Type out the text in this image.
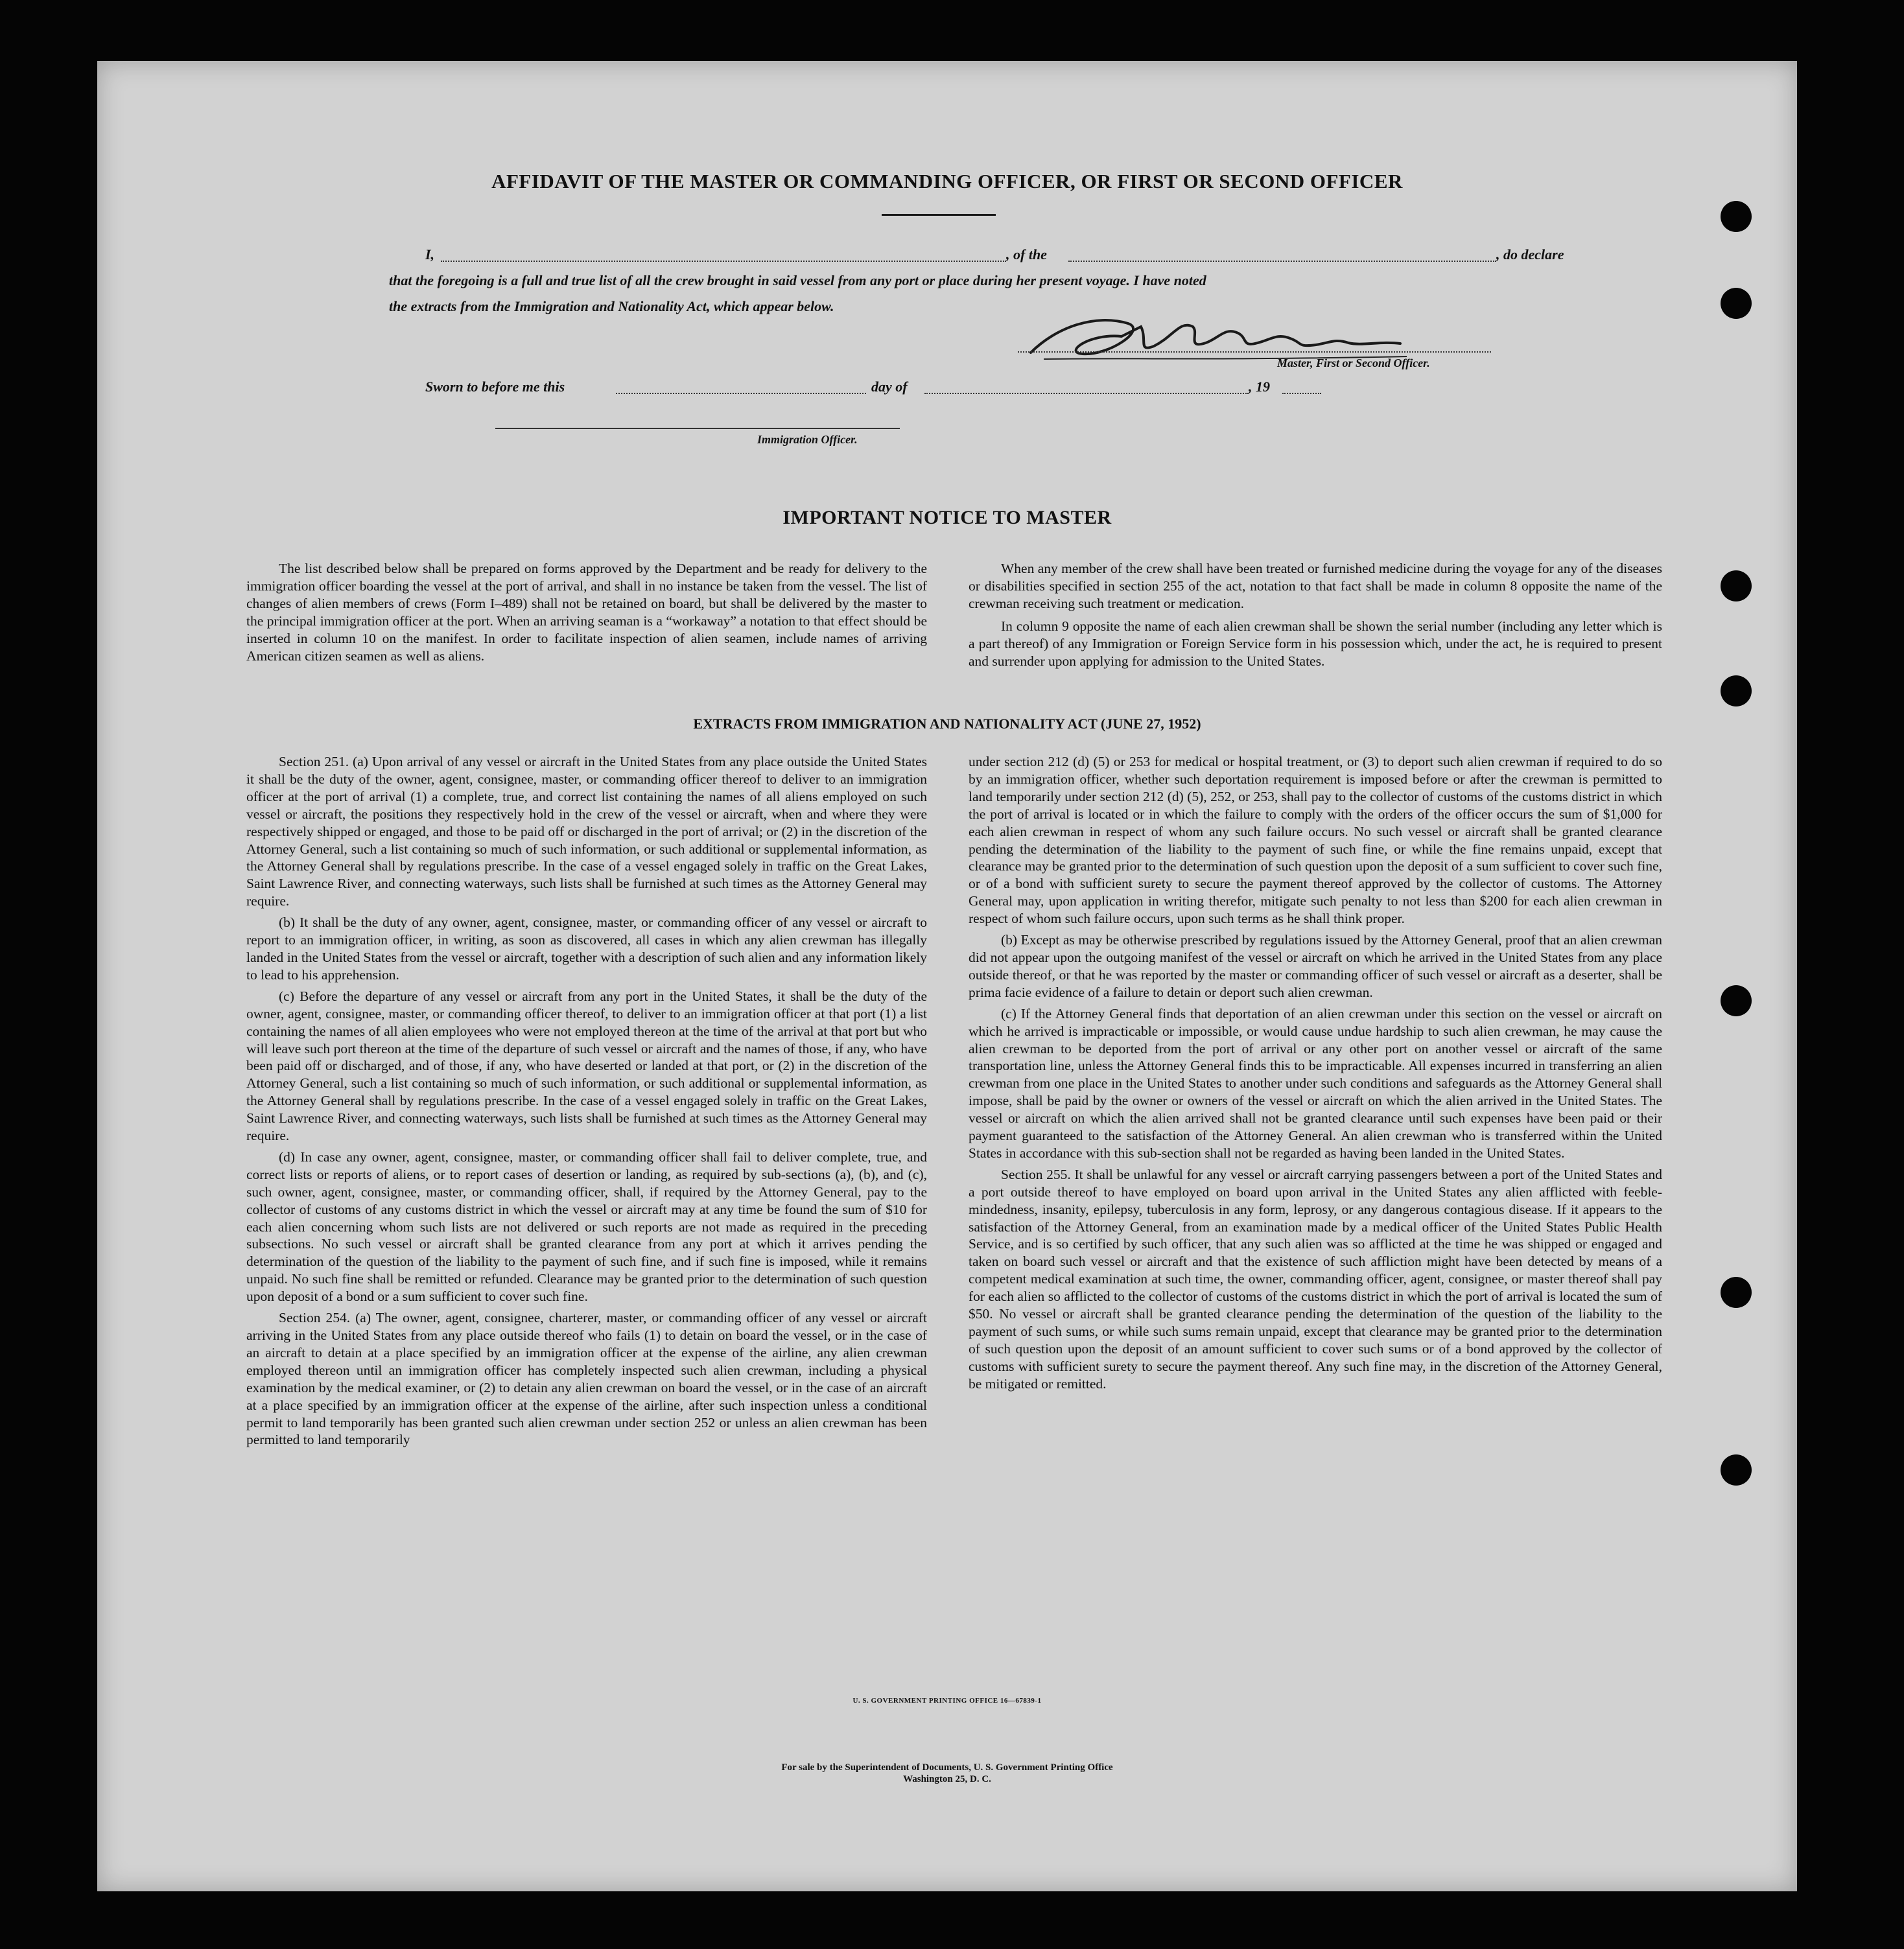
AFFIDAVIT OF THE MASTER OR COMMANDING OFFICER, OR FIRST OR SECOND OFFICER
I,	, of the	, do declare
that the foregoing is a full and true list of all the crew brought in said vessel from any port or place during her present voyage. I have noted
the extracts from the Immigration and Nationality Act, which appear below.
Master, First or Second Officer.
Sworn to before me this	day of	, 19
Immigration Officer.
IMPORTANT NOTICE TO MASTER

The list described below shall be prepared on forms approved by the Department and be ready for delivery to the immigration officer boarding the vessel at the port of arrival, and shall in no instance be taken from the vessel. The list of changes of alien members of crews (Form I–489) shall not be retained on board, but shall be delivered by the master to the principal immigration officer at the port. When an arriving seaman is a “workaway” a notation to that effect should be inserted in column 10 on the manifest. In order to facilitate inspection of alien seamen, include names of arriving American citizen seamen as well as aliens.

When any member of the crew shall have been treated or furnished medicine during the voyage for any of the diseases or disabilities specified in section 255 of the act, notation to that fact shall be made in column 8 opposite the name of the crewman receiving such treatment or medication.

In column 9 opposite the name of each alien crewman shall be shown the serial number (including any letter which is a part thereof) of any Immigration or Foreign Service form in his possession which, under the act, he is required to present and surrender upon applying for admission to the United States.

EXTRACTS FROM IMMIGRATION AND NATIONALITY ACT (JUNE 27, 1952)

Section 251. (a) Upon arrival of any vessel or aircraft in the United States from any place outside the United States it shall be the duty of the owner, agent, consignee, master, or commanding officer thereof to deliver to an immigration officer at the port of arrival (1) a complete, true, and correct list containing the names of all aliens employed on such vessel or aircraft, the positions they respectively hold in the crew of the vessel or aircraft, when and where they were respectively shipped or engaged, and those to be paid off or discharged in the port of arrival; or (2) in the discretion of the Attorney General, such a list containing so much of such information, or such additional or supplemental information, as the Attorney General shall by regulations prescribe. In the case of a vessel engaged solely in traffic on the Great Lakes, Saint Lawrence River, and connecting waterways, such lists shall be furnished at such times as the Attorney General may require.

(b) It shall be the duty of any owner, agent, consignee, master, or commanding officer of any vessel or aircraft to report to an immigration officer, in writing, as soon as discovered, all cases in which any alien crewman has illegally landed in the United States from the vessel or aircraft, together with a description of such alien and any information likely to lead to his apprehension.

(c) Before the departure of any vessel or aircraft from any port in the United States, it shall be the duty of the owner, agent, consignee, master, or commanding officer thereof, to deliver to an immigration officer at that port (1) a list containing the names of all alien employees who were not employed thereon at the time of the arrival at that port but who will leave such port thereon at the time of the departure of such vessel or aircraft and the names of those, if any, who have been paid off or discharged, and of those, if any, who have deserted or landed at that port, or (2) in the discretion of the Attorney General, such a list containing so much of such information, or such additional or supplemental information, as the Attorney General shall by regulations prescribe. In the case of a vessel engaged solely in traffic on the Great Lakes, Saint Lawrence River, and connecting waterways, such lists shall be furnished at such times as the Attorney General may require.

(d) In case any owner, agent, consignee, master, or commanding officer shall fail to deliver complete, true, and correct lists or reports of aliens, or to report cases of desertion or landing, as required by sub-sections (a), (b), and (c), such owner, agent, consignee, master, or commanding officer, shall, if required by the Attorney General, pay to the collector of customs of any customs district in which the vessel or aircraft may at any time be found the sum of $10 for each alien concerning whom such lists are not delivered or such reports are not made as required in the preceding subsections. No such vessel or aircraft shall be granted clearance from any port at which it arrives pending the determination of the question of the liability to the payment of such fine, and if such fine is imposed, while it remains unpaid. No such fine shall be remitted or refunded. Clearance may be granted prior to the determination of such question upon deposit of a bond or a sum sufficient to cover such fine.

Section 254. (a) The owner, agent, consignee, charterer, master, or commanding officer of any vessel or aircraft arriving in the United States from any place outside thereof who fails (1) to detain on board the vessel, or in the case of an aircraft to detain at a place specified by an immigration officer at the expense of the airline, any alien crewman employed thereon until an immigration officer has completely inspected such alien crewman, including a physical examination by the medical examiner, or (2) to detain any alien crewman on board the vessel, or in the case of an aircraft at a place specified by an immigration officer at the expense of the airline, after such inspection unless a conditional permit to land temporarily has been granted such alien crewman under section 252 or unless an alien crewman has been permitted to land temporarily

under section 212 (d) (5) or 253 for medical or hospital treatment, or (3) to deport such alien crewman if required to do so by an immigration officer, whether such deportation requirement is imposed before or after the crewman is permitted to land temporarily under section 212 (d) (5), 252, or 253, shall pay to the collector of customs of the customs district in which the port of arrival is located or in which the failure to comply with the orders of the officer occurs the sum of $1,000 for each alien crewman in respect of whom any such failure occurs. No such vessel or aircraft shall be granted clearance pending the determination of the liability to the payment of such fine, or while the fine remains unpaid, except that clearance may be granted prior to the determination of such question upon the deposit of a sum sufficient to cover such fine, or of a bond with sufficient surety to secure the payment thereof approved by the collector of customs. The Attorney General may, upon application in writing therefor, mitigate such penalty to not less than $200 for each alien crewman in respect of whom such failure occurs, upon such terms as he shall think proper.

(b) Except as may be otherwise prescribed by regulations issued by the Attorney General, proof that an alien crewman did not appear upon the outgoing manifest of the vessel or aircraft on which he arrived in the United States from any place outside thereof, or that he was reported by the master or commanding officer of such vessel or aircraft as a deserter, shall be prima facie evidence of a failure to detain or deport such alien crewman.

(c) If the Attorney General finds that deportation of an alien crewman under this section on the vessel or aircraft on which he arrived is impracticable or impossible, or would cause undue hardship to such alien crewman, he may cause the alien crewman to be deported from the port of arrival or any other port on another vessel or aircraft of the same transportation line, unless the Attorney General finds this to be impracticable. All expenses incurred in transferring an alien crewman from one place in the United States to another under such conditions and safeguards as the Attorney General shall impose, shall be paid by the owner or owners of the vessel or aircraft on which the alien arrived in the United States. The vessel or aircraft on which the alien arrived shall not be granted clearance until such expenses have been paid or their payment guaranteed to the satisfaction of the Attorney General. An alien crewman who is transferred within the United States in accordance with this sub-section shall not be regarded as having been landed in the United States.

Section 255. It shall be unlawful for any vessel or aircraft carrying passengers between a port of the United States and a port outside thereof to have employed on board upon arrival in the United States any alien afflicted with feeble-mindedness, insanity, epilepsy, tuberculosis in any form, leprosy, or any dangerous contagious disease. If it appears to the satisfaction of the Attorney General, from an examination made by a medical officer of the United States Public Health Service, and is so certified by such officer, that any such alien was so afflicted at the time he was shipped or engaged and taken on board such vessel or aircraft and that the existence of such affliction might have been detected by means of a competent medical examination at such time, the owner, commanding officer, agent, consignee, or master thereof shall pay for each alien so afflicted to the collector of customs of the customs district in which the port of arrival is located the sum of $50. No vessel or aircraft shall be granted clearance pending the determination of the question of the liability to the payment of such sums, or while such sums remain unpaid, except that clearance may be granted prior to the determination of such question upon the deposit of an amount sufficient to cover such sums or of a bond approved by the collector of customs with sufficient surety to secure the payment thereof. Any such fine may, in the discretion of the Attorney General, be mitigated or remitted.

U. S. GOVERNMENT PRINTING OFFICE 16—67839-1
For sale by the Superintendent of Documents, U. S. Government Printing Office
Washington 25, D. C.
